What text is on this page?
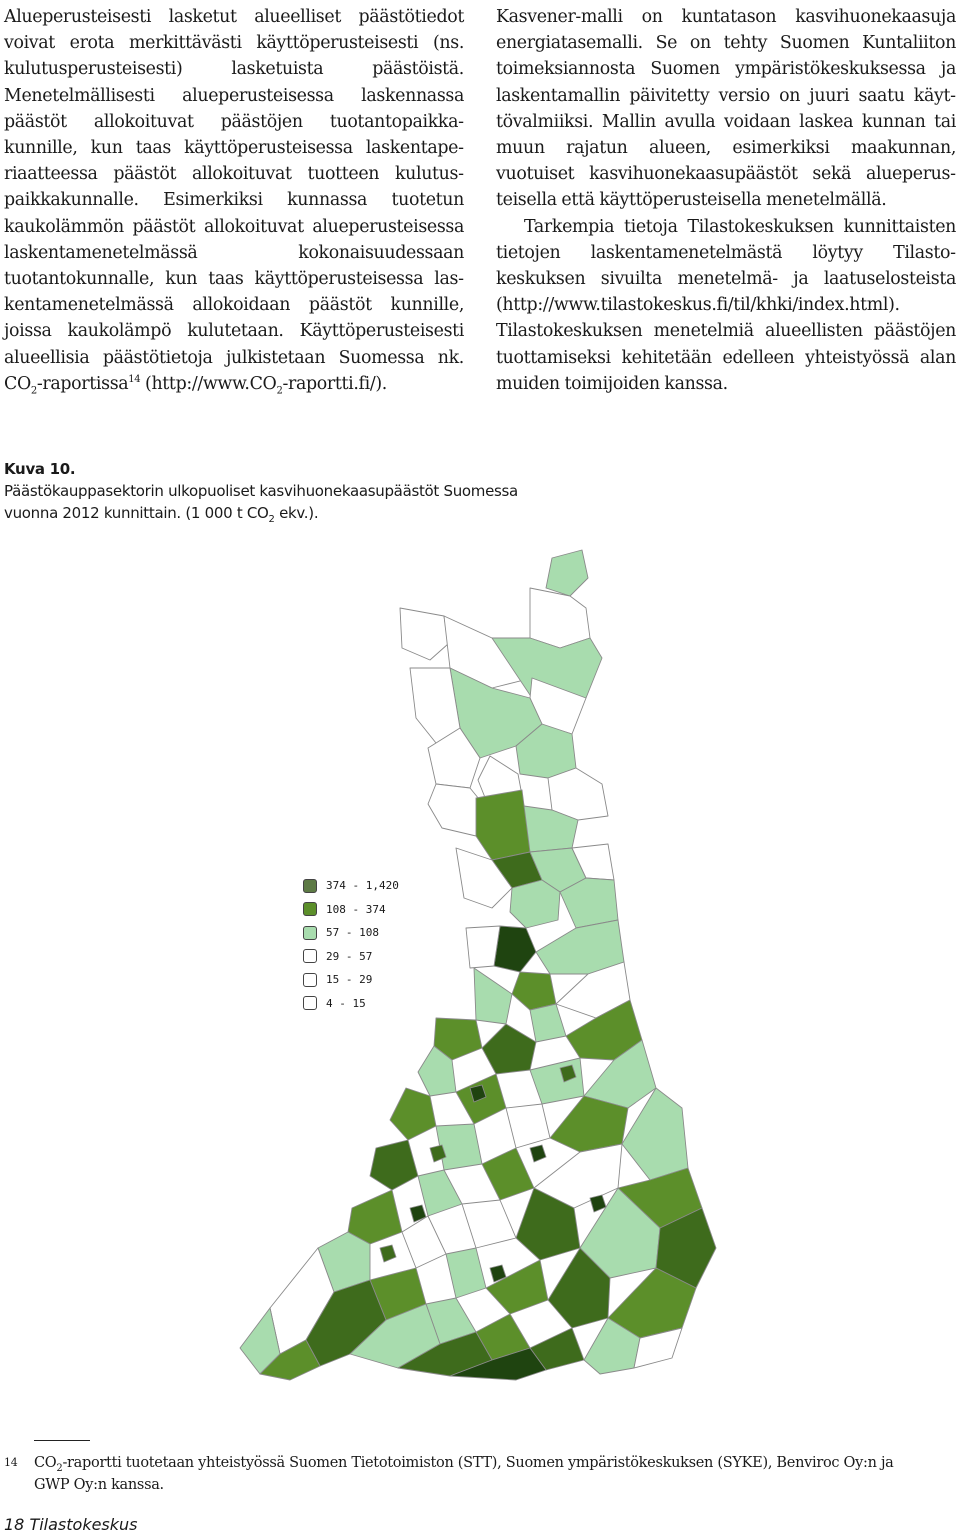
Alueperusteisesti lasketut alueelliset päästötiedot voivat erota merkittävästi käyttöperusteisesti (ns. kulutusperusteisesti) lasketuista päästöistä. Menetelmällisesti alueperusteisessa laskennassa päästöt allokoituvat päästöjen tuotantopaikkakunnille, kun taas käyttöperusteisessa laskentaperiaatteessa päästöt allokoituvat tuotteen kulutuspaikkakunnalle. Esimerkiksi kunnassa tuotetun kaukolämmön päästöt allokoituvat alueperusteisessa laskentamenetelmässä kokonaisuudessaan tuotantokunnalle, kun taas käyttöperusteisessa laskentamenetelmässä allokoidaan päästöt kunnille, joissa kaukolämpö kulutetaan. Käyttöperusteisesti alueellisia päästötietoja julkistetaan Suomessa nk. $CO_2-raportissa^{14}$ $(http://www.CO_2-raportti.fi/)$.

Kasvener-malli on kuntatason kasvihuonekaasuja energiatasemalli. Se on tehty Suomen Kuntaliiton toimeksiannosta Suomen ympäristökeskuksessa ja laskentamallin päivitetty versio on juuri saatu käyttövalmiiksi. Mallin avulla voidaan laskea kunnan tai muun rajatun alueen, esimerkiksi maakunnan, vuotuiset kasvihuonekaasupäästöt sekä alueperusteisella että käyttöperusteisella menetelmällä.

Tarkempia tietoja Tilastokeskuksen kunnittaisten tietojen laskentamenetelmästä löytyy Tilastokeskuksen sivuilta menetelmä- ja laatuselosteista (http://www.tilastokeskus.fi/til/khki/index.html). Tilastokeskuksen menetelmiä alueellisten päästöjen tuottamiseksi kehitetään edelleen yhteistyössä alan muiden toimijoiden kanssa.

Kuva 10.
Päästökauppasektorin ulkopuoliset kasvihuonekaasupäästöt Suomessa vuonna 2012 kunnittain. (1 000 t $CO_2$ ekv.).
374 - 1,420
108 - 374
57 - 108
29 - 57
15 - 29
4 - 15
14 $CO_2$-raportti tuotetaan yhteistyössä Suomen Tietotoimiston (STT), Suomen ympäristökeskuksen (SYKE), Benviroc Oy:n ja GWP Oy:n kanssa.
18 Tilastokeskus
